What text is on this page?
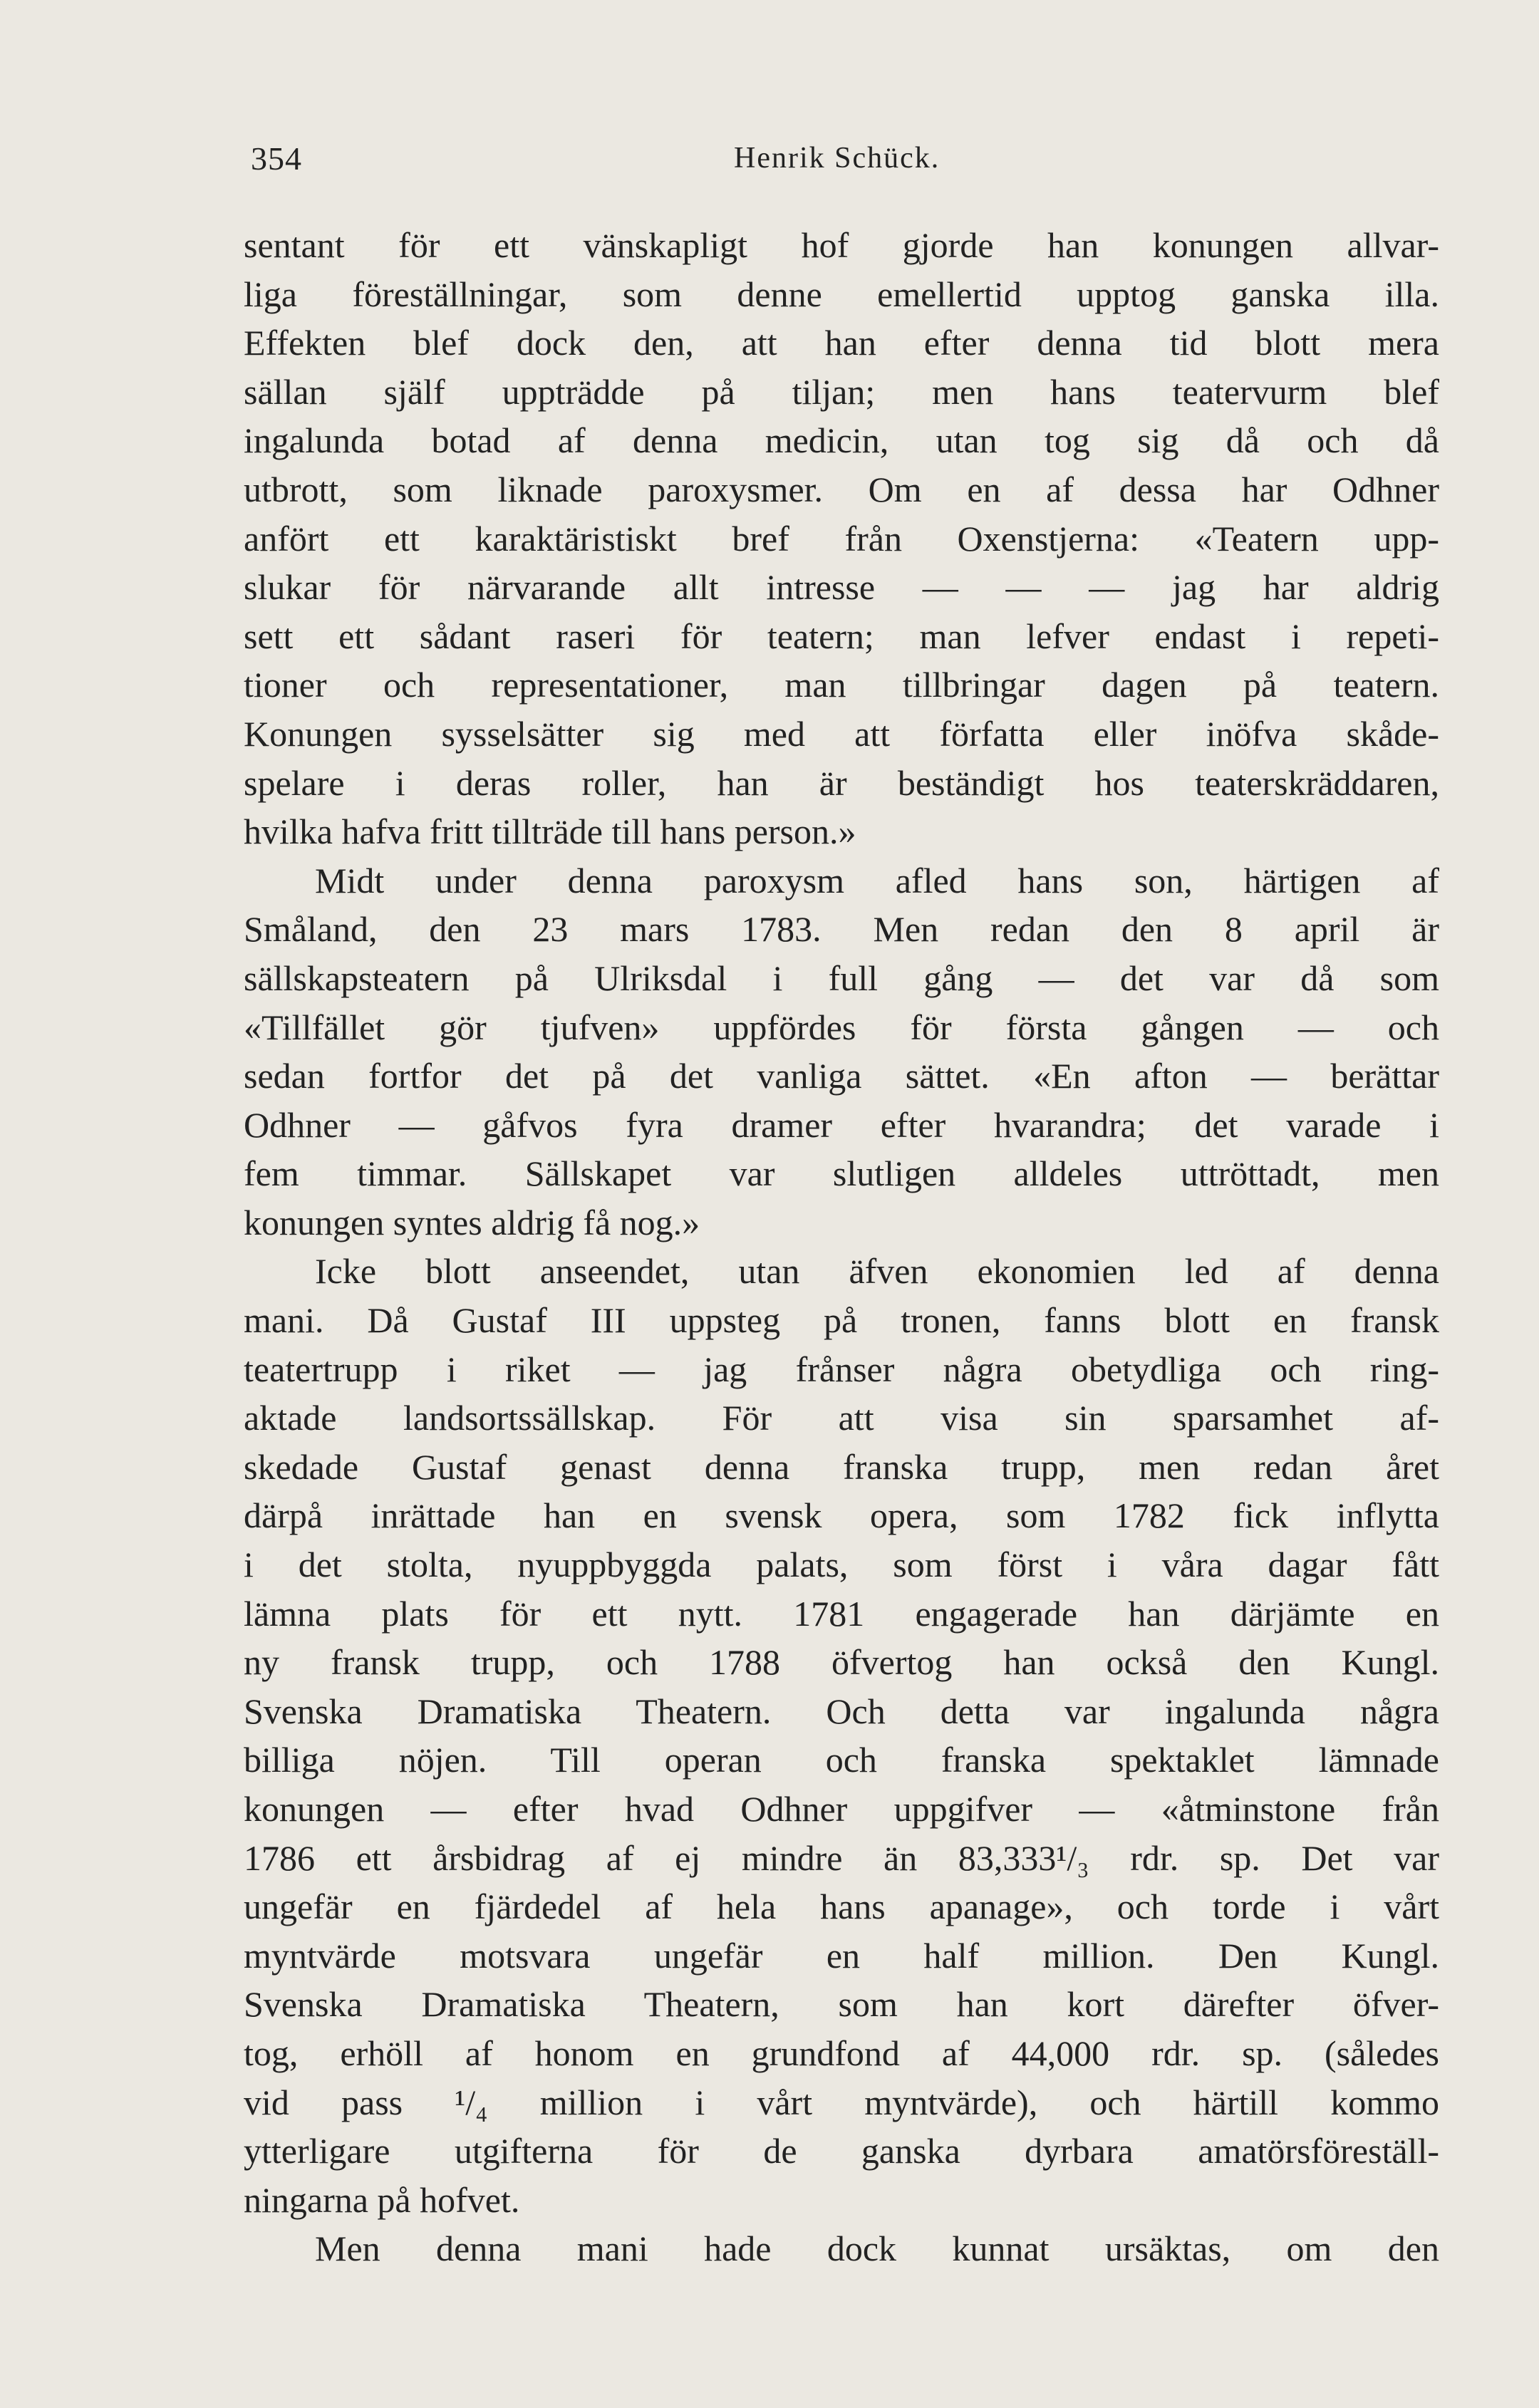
354	Henrik Schück.
sentant för ett vänskapligt hof gjorde han konungen allvar-
liga föreställningar, som denne emellertid upptog ganska illa.
Effekten blef dock den, att han efter denna tid blott mera
sällan själf uppträdde på tiljan; men hans teatervurm blef
ingalunda botad af denna medicin, utan tog sig då och då
utbrott, som liknade paroxysmer. Om en af dessa har Odhner
anfört ett karaktäristiskt bref från Oxenstjerna: «Teatern upp-
slukar för närvarande allt intresse — — — jag har aldrig
sett ett sådant raseri för teatern; man lefver endast i repeti-
tioner och representationer, man tillbringar dagen på teatern.
Konungen sysselsätter sig med att författa eller inöfva skåde-
spelare i deras roller, han är beständigt hos teaterskräddaren,
hvilka hafva fritt tillträde till hans person.»
Midt under denna paroxysm afled hans son, härtigen af
Småland, den 23 mars 1783. Men redan den 8 april är
sällskapsteatern på Ulriksdal i full gång — det var då som
«Tillfället gör tjufven» uppfördes för första gången — och
sedan fortfor det på det vanliga sättet. «En afton — berättar
Odhner — gåfvos fyra dramer efter hvarandra; det varade i
fem timmar. Sällskapet var slutligen alldeles uttröttadt, men
konungen syntes aldrig få nog.»
Icke blott anseendet, utan äfven ekonomien led af denna
mani. Då Gustaf III uppsteg på tronen, fanns blott en fransk
teatertrupp i riket — jag frånser några obetydliga och ring-
aktade landsortssällskap. För att visa sin sparsamhet af-
skedade Gustaf genast denna franska trupp, men redan året
därpå inrättade han en svensk opera, som 1782 fick inflytta
i det stolta, nyuppbyggda palats, som först i våra dagar fått
lämna plats för ett nytt. 1781 engagerade han därjämte en
ny fransk trupp, och 1788 öfvertog han också den Kungl.
Svenska Dramatiska Theatern. Och detta var ingalunda några
billiga nöjen. Till operan och franska spektaklet lämnade
konungen — efter hvad Odhner uppgifver — «åtminstone från
1786 ett årsbidrag af ej mindre än 83,333¹/₃ rdr. sp. Det var
ungefär en fjärdedel af hela hans apanage», och torde i vårt
myntvärde motsvara ungefär en half million. Den Kungl.
Svenska Dramatiska Theatern, som han kort därefter öfver-
tog, erhöll af honom en grundfond af 44,000 rdr. sp. (således
vid pass ¹/₄ million i vårt myntvärde), och härtill kommo
ytterligare utgifterna för de ganska dyrbara amatörsföreställ-
ningarna på hofvet.
Men denna mani hade dock kunnat ursäktas, om den
